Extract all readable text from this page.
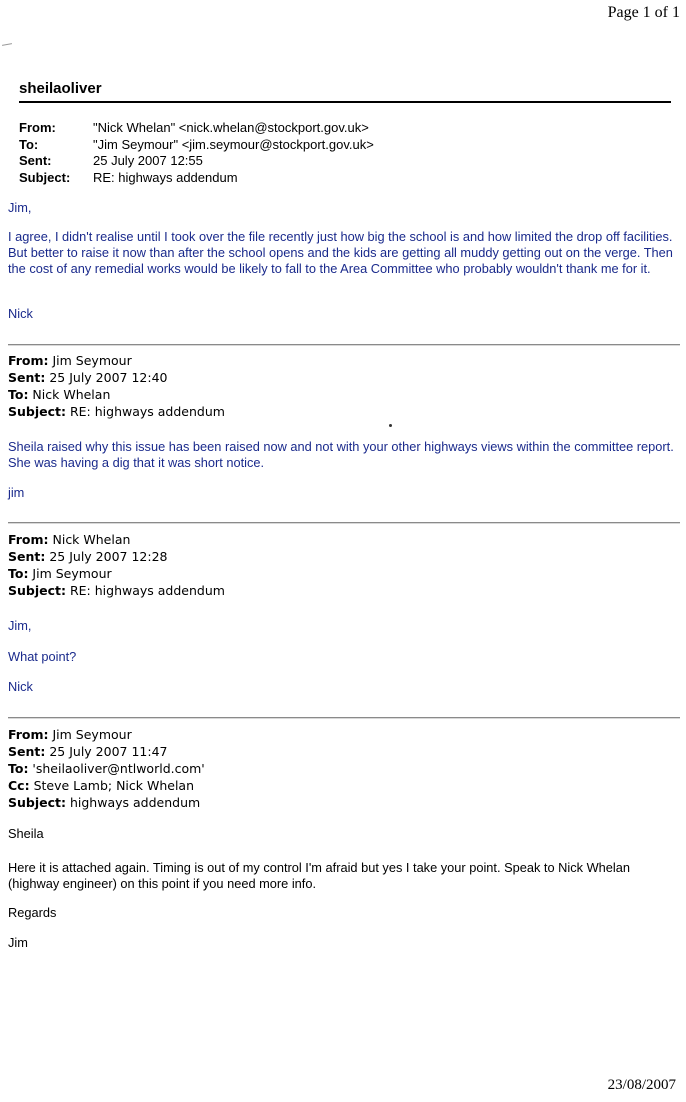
Page 1 of 1
sheilaoliver
From:	"Nick Whelan" <nick.whelan@stockport.gov.uk>
To:	"Jim Seymour" <jim.seymour@stockport.gov.uk>
Sent:	25 July 2007 12:55
Subject:	RE: highways addendum
Jim,
I agree, I didn't realise until I took over the file recently just how big the school is and how limited the drop off facilities. But better to raise it now than after the school opens and the kids are getting all muddy getting out on the verge. Then the cost of any remedial works would be likely to fall to the Area Committee who probably wouldn't thank me for it.
Nick
From: Jim Seymour
Sent: 25 July 2007 12:40
To: Nick Whelan
Subject: RE: highways addendum
Sheila raised why this issue has been raised now and not with your other highways views within the committee report. She was having a dig that it was short notice.
jim
From: Nick Whelan
Sent: 25 July 2007 12:28
To: Jim Seymour
Subject: RE: highways addendum
Jim,
What point?
Nick
From: Jim Seymour
Sent: 25 July 2007 11:47
To: 'sheilaoliver@ntlworld.com'
Cc: Steve Lamb; Nick Whelan
Subject: highways addendum
Sheila
Here it is attached again. Timing is out of my control I'm afraid but yes I take your point. Speak to Nick Whelan (highway engineer) on this point if you need more info.
Regards
Jim
23/08/2007
